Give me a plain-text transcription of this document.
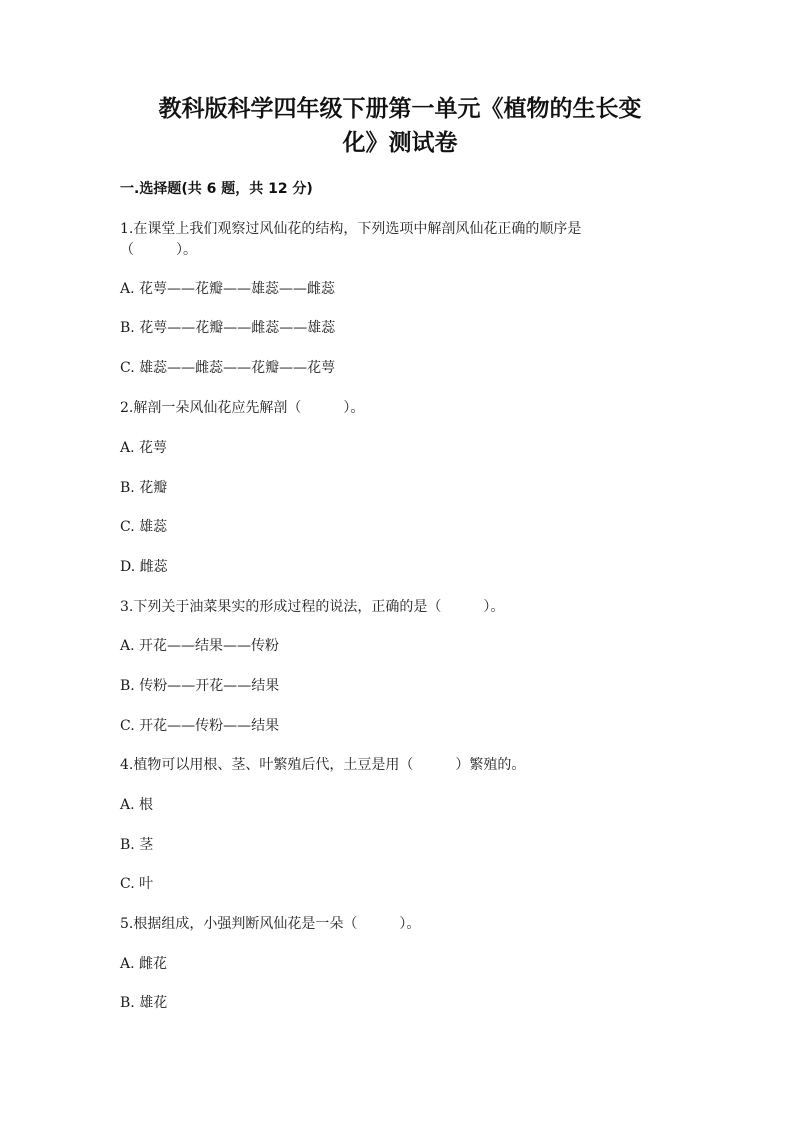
教科版科学四年级下册第一单元《植物的生长变
化》测试卷
一.选择题(共 6 题，共 12 分)
1.在课堂上我们观察过风仙花的结构，下列选项中解剖风仙花正确的顺序是
（　　　）。
A. 花萼——花瓣——雄蕊——雌蕊
B. 花萼——花瓣——雌蕊——雄蕊
C. 雄蕊——雌蕊——花瓣——花萼
2.解剖一朵风仙花应先解剖（　　　）。
A. 花萼
B. 花瓣
C. 雄蕊
D. 雌蕊
3.下列关于油菜果实的形成过程的说法，正确的是（　　　）。
A. 开花——结果——传粉
B. 传粉——开花——结果
C. 开花——传粉——结果
4.植物可以用根、茎、叶繁殖后代，土豆是用（　　　）繁殖的。
A. 根
B. 茎
C. 叶
5.根据组成，小强判断风仙花是一朵（　　　）。
A. 雌花
B. 雄花
